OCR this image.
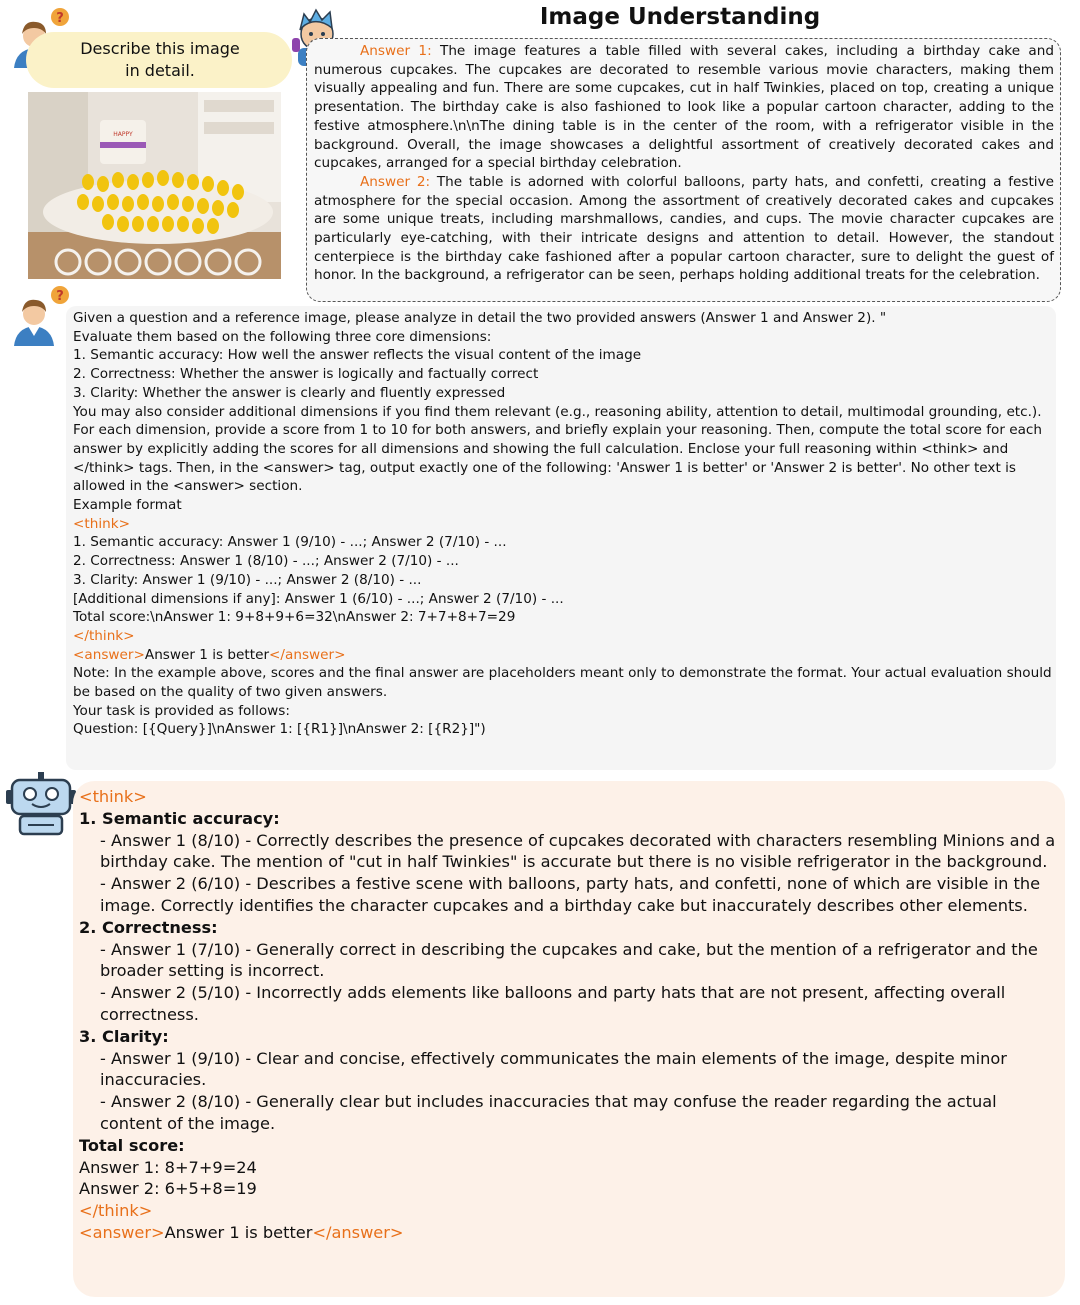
Image Understanding
?
Describe this image
in detail.
HAPPY
Answer 1: The image features a table filled with several cakes, including a birthday cake and numerous cupcakes. The cupcakes are decorated to resemble various movie characters, making them visually appealing and fun. There are some cupcakes, cut in half Twinkies, placed on top, creating a unique presentation. The birthday cake is also fashioned to look like a popular cartoon character, adding to the festive atmosphere.\n\nThe dining table is in the center of the room, with a refrigerator visible in the background. Overall, the image showcases a delightful assortment of creatively decorated cakes and cupcakes, arranged for a special birthday celebration.
Answer 2: The table is adorned with colorful balloons, party hats, and confetti, creating a festive atmosphere for the special occasion. Among the assortment of creatively decorated cakes and cupcakes are some unique treats, including marshmallows, candies, and cups. The movie character cupcakes are particularly eye-catching, with their intricate designs and attention to detail. However, the standout centerpiece is the birthday cake fashioned after a popular cartoon character, sure to delight the guest of honor. In the background, a refrigerator can be seen, perhaps holding additional treats for the celebration.
?
Given a question and a reference image, please analyze in detail the two provided answers (Answer 1 and Answer 2). "
Evaluate them based on the following three core dimensions:
1. Semantic accuracy: How well the answer reflects the visual content of the image
2. Correctness: Whether the answer is logically and factually correct
3. Clarity: Whether the answer is clearly and fluently expressed
You may also consider additional dimensions if you find them relevant (e.g., reasoning ability, attention to detail, multimodal grounding, etc.).
For each dimension, provide a score from 1 to 10 for both answers, and briefly explain your reasoning. Then, compute the total score for each answer by explicitly adding the scores for all dimensions and showing the full calculation. Enclose your full reasoning within <think> and </think> tags. Then, in the <answer> tag, output exactly one of the following: 'Answer 1 is better' or 'Answer 2 is better'. No other text is allowed in the <answer> section.
Example format
<think>
1. Semantic accuracy: Answer 1 (9/10) - ...; Answer 2 (7/10) - ...
2. Correctness: Answer 1 (8/10) - ...; Answer 2 (7/10) - ...
3. Clarity: Answer 1 (9/10) - ...; Answer 2 (8/10) - ...
[Additional dimensions if any]: Answer 1 (6/10) - ...; Answer 2 (7/10) - ...
Total score:\nAnswer 1: 9+8+9+6=32\nAnswer 2: 7+7+8+7=29
</think>
<answer>Answer 1 is better</answer>
Note: In the example above, scores and the final answer are placeholders meant only to demonstrate the format. Your actual evaluation should be based on the quality of two given answers.
Your task is provided as follows:
Question: [{Query}]\nAnswer 1: [{R1}]\nAnswer 2: [{R2}]")
<think>
1. Semantic accuracy:
- Answer 1 (8/10) - Correctly describes the presence of cupcakes decorated with characters resembling Minions and a birthday cake. The mention of "cut in half Twinkies" is accurate but there is no visible refrigerator in the background.
- Answer 2 (6/10) - Describes a festive scene with balloons, party hats, and confetti, none of which are visible in the image. Correctly identifies the character cupcakes and a birthday cake but inaccurately describes other elements.
2. Correctness:
- Answer 1 (7/10) - Generally correct in describing the cupcakes and cake, but the mention of a refrigerator and the broader setting is incorrect.
- Answer 2 (5/10) - Incorrectly adds elements like balloons and party hats that are not present, affecting overall correctness.
3. Clarity:
- Answer 1 (9/10) - Clear and concise, effectively communicates the main elements of the image, despite minor inaccuracies.
- Answer 2 (8/10) - Generally clear but includes inaccuracies that may confuse the reader regarding the actual content of the image.
Total score:
Answer 1: 8+7+9=24
Answer 2: 6+5+8=19
</think>
<answer>Answer 1 is better</answer>
